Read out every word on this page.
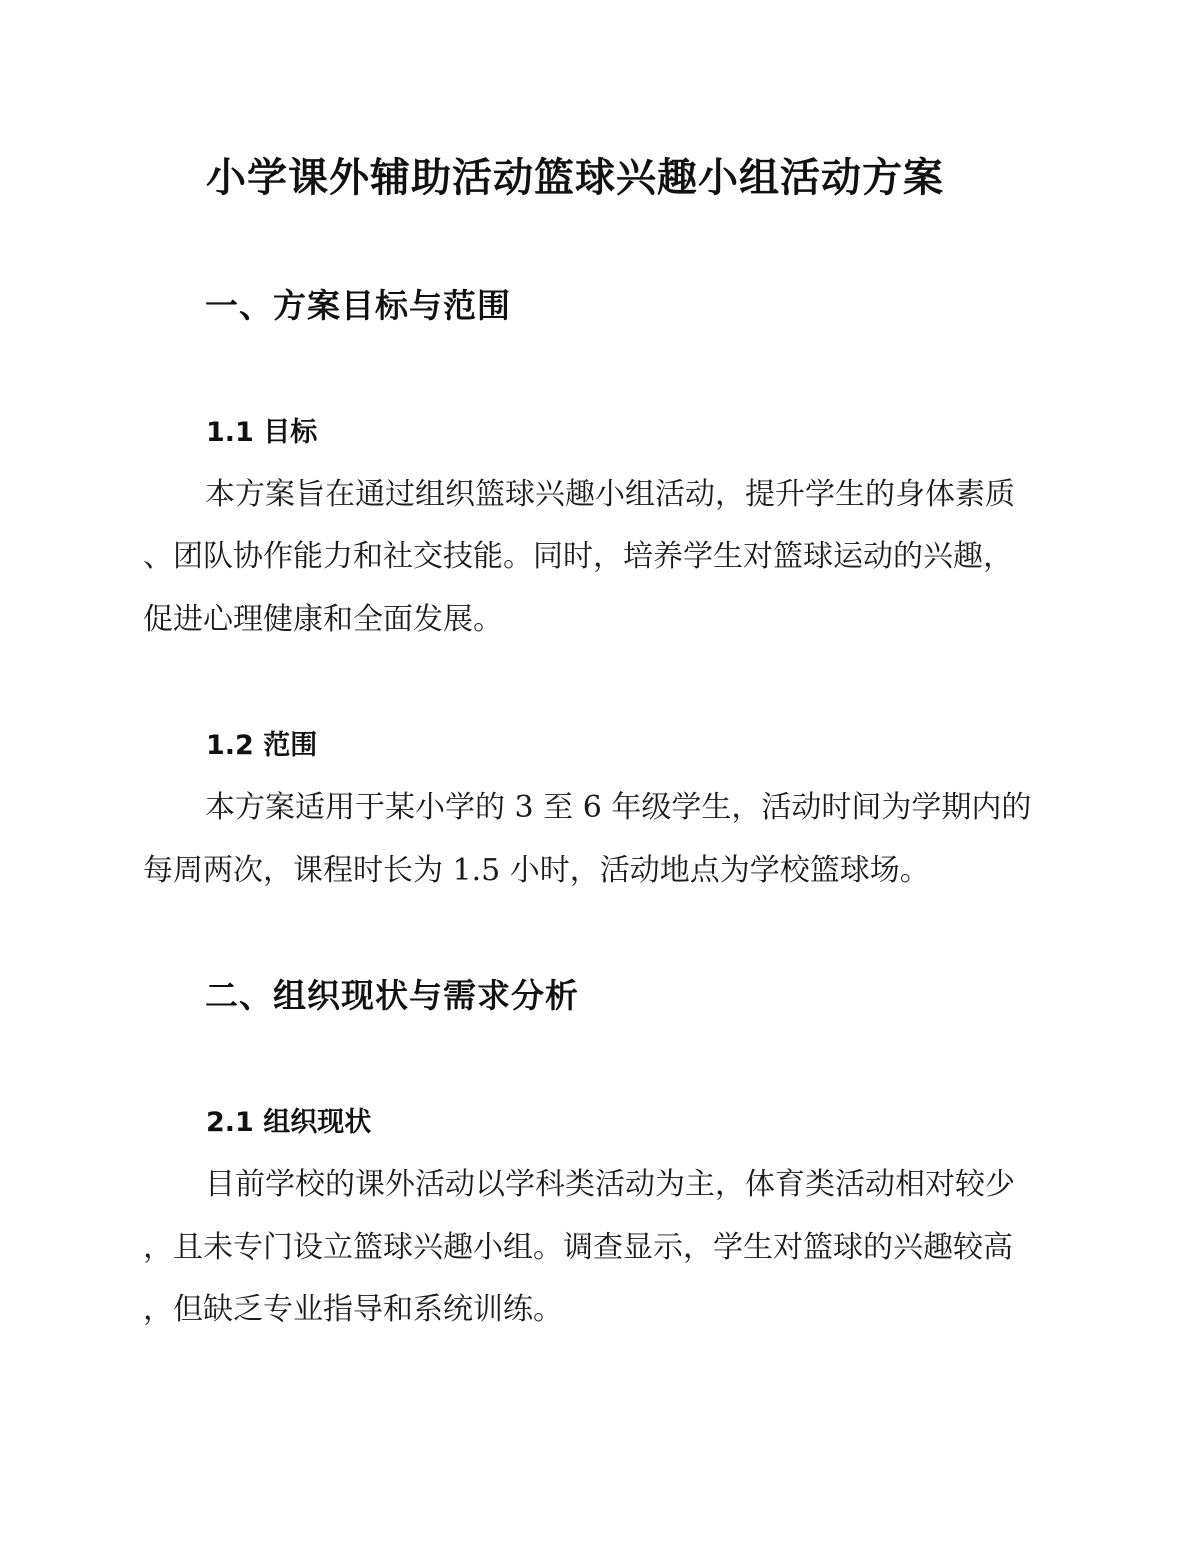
小学课外辅助活动篮球兴趣小组活动方案
一、方案目标与范围
1.1 目标
本方案旨在通过组织篮球兴趣小组活动，提升学生的身体素质
、团队协作能力和社交技能。同时，培养学生对篮球运动的兴趣，
促进心理健康和全面发展。
1.2 范围
本方案适用于某小学的 3 至 6 年级学生，活动时间为学期内的
每周两次，课程时长为 1.5 小时，活动地点为学校篮球场。
二、组织现状与需求分析
2.1 组织现状
目前学校的课外活动以学科类活动为主，体育类活动相对较少
，且未专门设立篮球兴趣小组。调查显示，学生对篮球的兴趣较高
，但缺乏专业指导和系统训练。
